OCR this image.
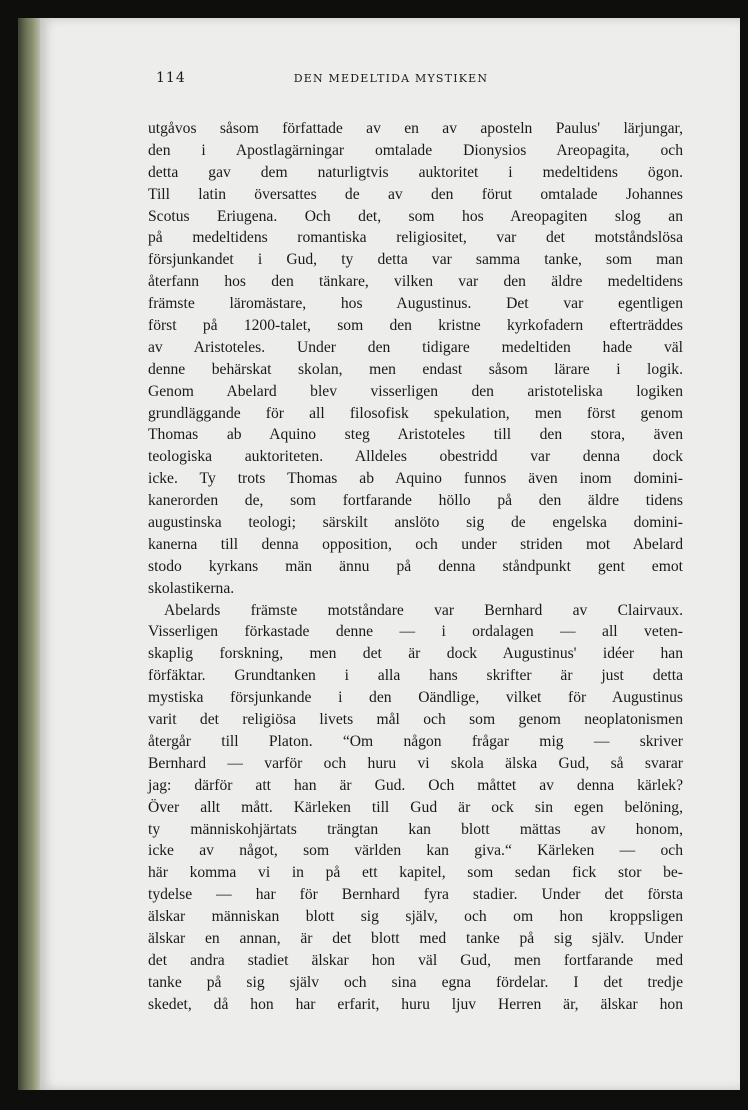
114	DEN MEDELTIDA MYSTIKEN
utgåvos såsom författade av en av aposteln Paulus' lärjungar,
den i Apostlagärningar omtalade Dionysios Areopagita, och
detta gav dem naturligtvis auktoritet i medeltidens ögon.
Till latin översattes de av den förut omtalade Johannes
Scotus Eriugena. Och det, som hos Areopagiten slog an
på medeltidens romantiska religiositet, var det motståndslösa
försjunkandet i Gud, ty detta var samma tanke, som man
återfann hos den tänkare, vilken var den äldre medeltidens
främste läromästare, hos Augustinus. Det var egentligen
först på 1200-talet, som den kristne kyrkofadern efterträddes
av Aristoteles. Under den tidigare medeltiden hade väl
denne behärskat skolan, men endast såsom lärare i logik.
Genom Abelard blev visserligen den aristoteliska logiken
grundläggande för all filosofisk spekulation, men först genom
Thomas ab Aquino steg Aristoteles till den stora, även
teologiska auktoriteten. Alldeles obestridd var denna dock
icke. Ty trots Thomas ab Aquino funnos även inom domini-
kanerorden de, som fortfarande höllo på den äldre tidens
augustinska teologi; särskilt anslöto sig de engelska domini-
kanerna till denna opposition, och under striden mot Abelard
stodo kyrkans män ännu på denna ståndpunkt gent emot
skolastikerna.
Abelards främste motståndare var Bernhard av Clairvaux.
Visserligen förkastade denne — i ordalagen — all veten-
skaplig forskning, men det är dock Augustinus' idéer han
förfäktar. Grundtanken i alla hans skrifter är just detta
mystiska försjunkande i den Oändlige, vilket för Augustinus
varit det religiösa livets mål och som genom neoplatonismen
återgår till Platon. “Om någon frågar mig — skriver
Bernhard — varför och huru vi skola älska Gud, så svarar
jag: därför att han är Gud. Och måttet av denna kärlek?
Över allt mått. Kärleken till Gud är ock sin egen belöning,
ty människohjärtats trängtan kan blott mättas av honom,
icke av något, som världen kan giva.“ Kärleken — och
här komma vi in på ett kapitel, som sedan fick stor be-
tydelse — har för Bernhard fyra stadier. Under det första
älskar människan blott sig själv, och om hon kroppsligen
älskar en annan, är det blott med tanke på sig själv. Under
det andra stadiet älskar hon väl Gud, men fortfarande med
tanke på sig själv och sina egna fördelar. I det tredje
skedet, då hon har erfarit, huru ljuv Herren är, älskar hon
